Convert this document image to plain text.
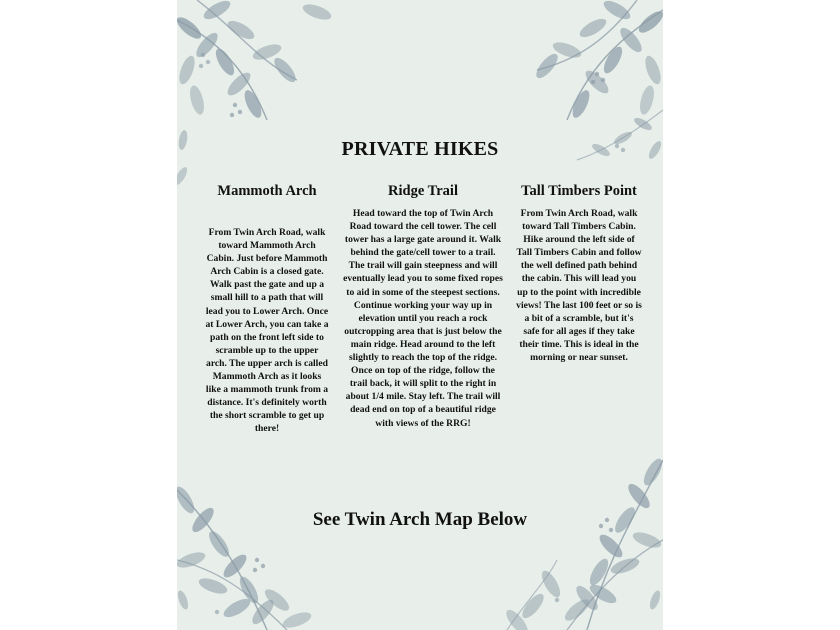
PRIVATE HIKES
Mammoth Arch

From Twin Arch Road, walk toward Mammoth Arch Cabin. Just before Mammoth Arch Cabin is a closed gate. Walk past the gate and up a small hill to a path that will lead you to Lower Arch. Once at Lower Arch, you can take a path on the front left side to scramble up to the upper arch. The upper arch is called Mammoth Arch as it looks like a mammoth trunk from a distance. It's definitely worth the short scramble to get up there!

Ridge Trail

Head toward the top of Twin Arch Road toward the cell tower. The cell tower has a large gate around it. Walk behind the gate/cell tower to a trail. The trail will gain steepness and will eventually lead you to some fixed ropes to aid in some of the steepest sections. Continue working your way up in elevation until you reach a rock outcropping area that is just below the main ridge. Head around to the left slightly to reach the top of the ridge. Once on top of the ridge, follow the trail back, it will split to the right in about 1/4 mile. Stay left. The trail will dead end on top of a beautiful ridge with views of the RRG!

Tall Timbers Point

From Twin Arch Road, walk toward Tall Timbers Cabin. Hike around the left side of Tall Timbers Cabin and follow the well defined path behind the cabin. This will lead you up to the point with incredible views! The last 100 feet or so is a bit of a scramble, but it's safe for all ages if they take their time. This is ideal in the morning or near sunset.

See Twin Arch Map Below
